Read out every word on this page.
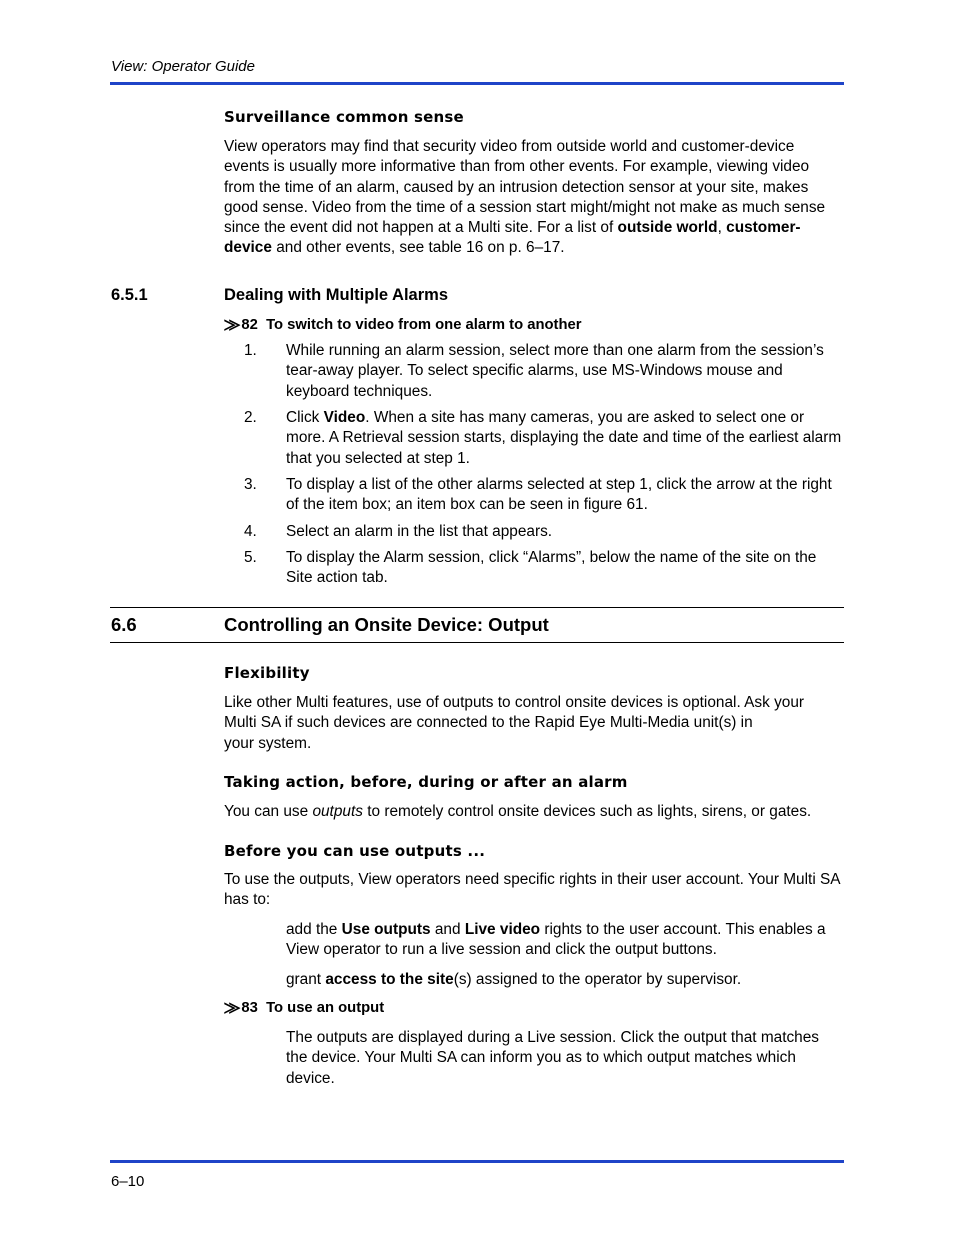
View: Operator Guide
Surveillance common sense

View operators may find that security video from outside world and customer-device events is usually more informative than from other events. For example, viewing video from the time of an alarm, caused by an intrusion detection sensor at your site, makes good sense. Video from the time of a session start might/might not make as much sense since the event did not happen at a Multi site. For a list of outside world, customer-device and other events, see table 16 on p. 6–17.

6.5.1	Dealing with Multiple Alarms
⨠82 To switch to video from one alarm to another
1.	While running an alarm session, select more than one alarm from the session’s tear-away player. To select specific alarms, use MS-Windows mouse and keyboard techniques.
2.	Click Video. When a site has many cameras, you are asked to select one or more. A Retrieval session starts, displaying the date and time of the earliest alarm that you selected at step 1.
3.	To display a list of the other alarms selected at step 1, click the arrow at the right of the item box; an item box can be seen in figure 61.
4.	Select an alarm in the list that appears.
5.	To display the Alarm session, click “Alarms”, below the name of the site on the Site action tab.
6.6	Controlling an Onsite Device: Output
Flexibility
Like other Multi features, use of outputs to control onsite devices is optional. Ask your
Multi SA if such devices are connected to the Rapid Eye Multi-Media unit(s) in
your system.
Taking action, before, during or after an alarm

You can use outputs to remotely control onsite devices such as lights, sirens, or gates.

Before you can use outputs ...

To use the outputs, View operators need specific rights in their user account. Your Multi SA has to:

add the Use outputs and Live video rights to the user account. This enables a View operator to run a live session and click the output buttons.

grant access to the site(s) assigned to the operator by supervisor.

⨠83 To use an output

The outputs are displayed during a Live session. Click the output that matches the device. Your Multi SA can inform you as to which output matches which device.

6–10
